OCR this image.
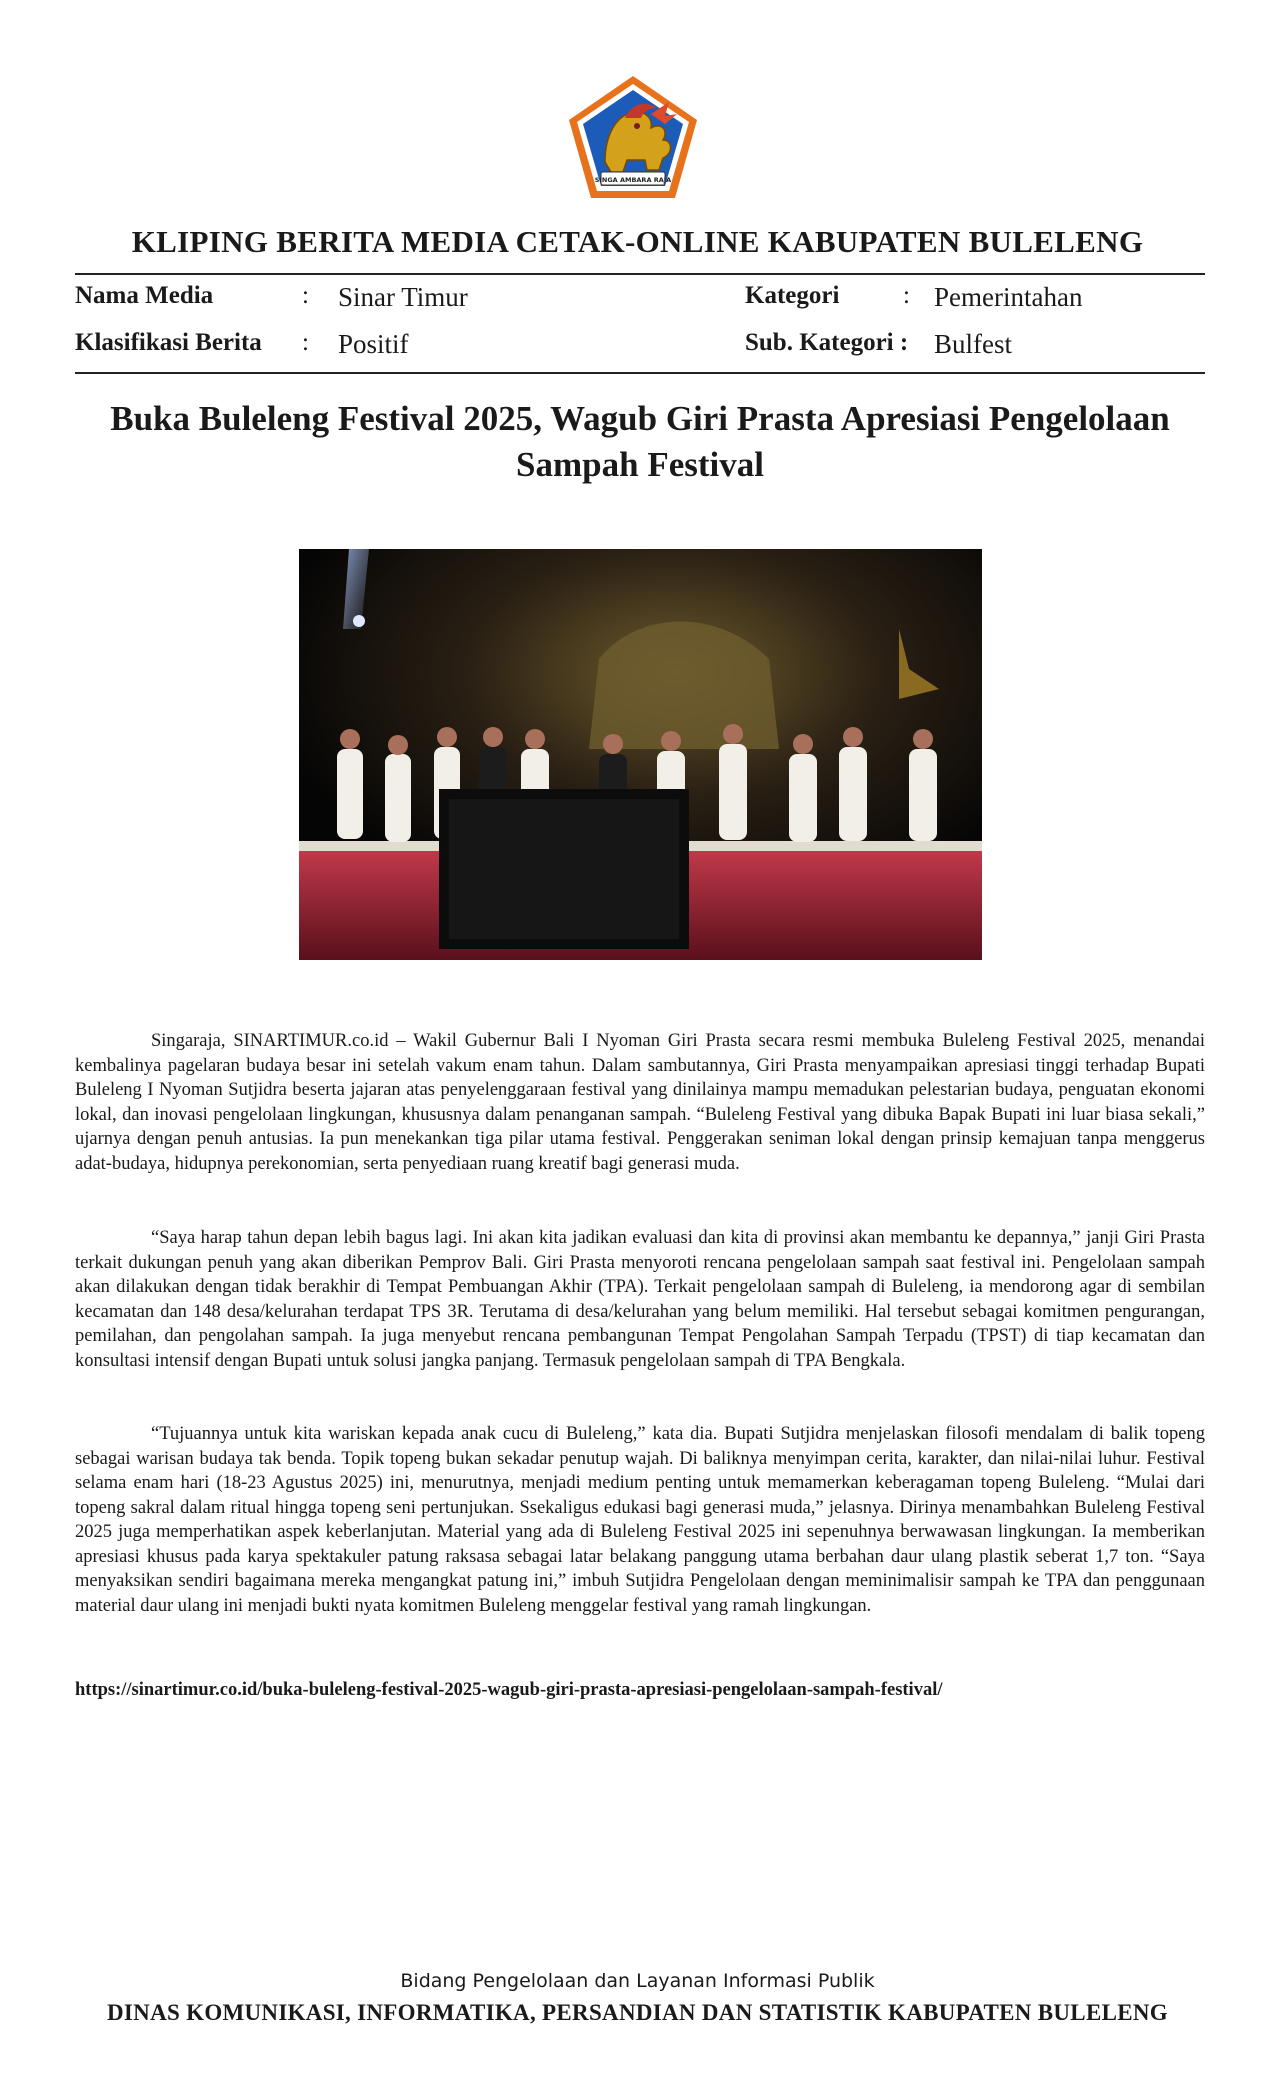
SINGA AMBARA RAJA
KLIPING BERITA MEDIA CETAK-ONLINE KABUPATEN BULELENG
Nama Media	: Sinar Timur	Kategori	: Pemerintahan
Klasifikasi Berita : Positif	Sub. Kategori : Bulfest
Buka Buleleng Festival 2025, Wagub Giri Prasta Apresiasi Pengelolaan Sampah Festival
Singaraja, SINARTIMUR.co.id – Wakil Gubernur Bali I Nyoman Giri Prasta secara resmi membuka Buleleng Festival 2025, menandai kembalinya pagelaran budaya besar ini setelah vakum enam tahun. Dalam sambutannya, Giri Prasta menyampaikan apresiasi tinggi terhadap Bupati Buleleng I Nyoman Sutjidra beserta jajaran atas penyelenggaraan festival yang dinilainya mampu memadukan pelestarian budaya, penguatan ekonomi lokal, dan inovasi pengelolaan lingkungan, khususnya dalam penanganan sampah. “Buleleng Festival yang dibuka Bapak Bupati ini luar biasa sekali,” ujarnya dengan penuh antusias. Ia pun menekankan tiga pilar utama festival. Penggerakan seniman lokal dengan prinsip kemajuan tanpa menggerus adat-budaya, hidupnya perekonomian, serta penyediaan ruang kreatif bagi generasi muda.
“Saya harap tahun depan lebih bagus lagi. Ini akan kita jadikan evaluasi dan kita di provinsi akan membantu ke depannya,” janji Giri Prasta terkait dukungan penuh yang akan diberikan Pemprov Bali. Giri Prasta menyoroti rencana pengelolaan sampah saat festival ini. Pengelolaan sampah akan dilakukan dengan tidak berakhir di Tempat Pembuangan Akhir (TPA). Terkait pengelolaan sampah di Buleleng, ia mendorong agar di sembilan kecamatan dan 148 desa/kelurahan terdapat TPS 3R. Terutama di desa/kelurahan yang belum memiliki. Hal tersebut sebagai komitmen pengurangan, pemilahan, dan pengolahan sampah. Ia juga menyebut rencana pembangunan Tempat Pengolahan Sampah Terpadu (TPST) di tiap kecamatan dan konsultasi intensif dengan Bupati untuk solusi jangka panjang. Termasuk pengelolaan sampah di TPA Bengkala.
“Tujuannya untuk kita wariskan kepada anak cucu di Buleleng,” kata dia. Bupati Sutjidra menjelaskan filosofi mendalam di balik topeng sebagai warisan budaya tak benda. Topik topeng bukan sekadar penutup wajah. Di baliknya menyimpan cerita, karakter, dan nilai-nilai luhur. Festival selama enam hari (18-23 Agustus 2025) ini, menurutnya, menjadi medium penting untuk memamerkan keberagaman topeng Buleleng. “Mulai dari topeng sakral dalam ritual hingga topeng seni pertunjukan. Ssekaligus edukasi bagi generasi muda,” jelasnya. Dirinya menambahkan Buleleng Festival 2025 juga memperhatikan aspek keberlanjutan. Material yang ada di Buleleng Festival 2025 ini sepenuhnya berwawasan lingkungan. Ia memberikan apresiasi khusus pada karya spektakuler patung raksasa sebagai latar belakang panggung utama berbahan daur ulang plastik seberat 1,7 ton. “Saya menyaksikan sendiri bagaimana mereka mengangkat patung ini,” imbuh Sutjidra Pengelolaan dengan meminimalisir sampah ke TPA dan penggunaan material daur ulang ini menjadi bukti nyata komitmen Buleleng menggelar festival yang ramah lingkungan.
https://sinartimur.co.id/buka-buleleng-festival-2025-wagub-giri-prasta-apresiasi-pengelolaan-sampah-festival/
Bidang Pengelolaan dan Layanan Informasi Publik
DINAS KOMUNIKASI, INFORMATIKA, PERSANDIAN DAN STATISTIK KABUPATEN BULELENG
